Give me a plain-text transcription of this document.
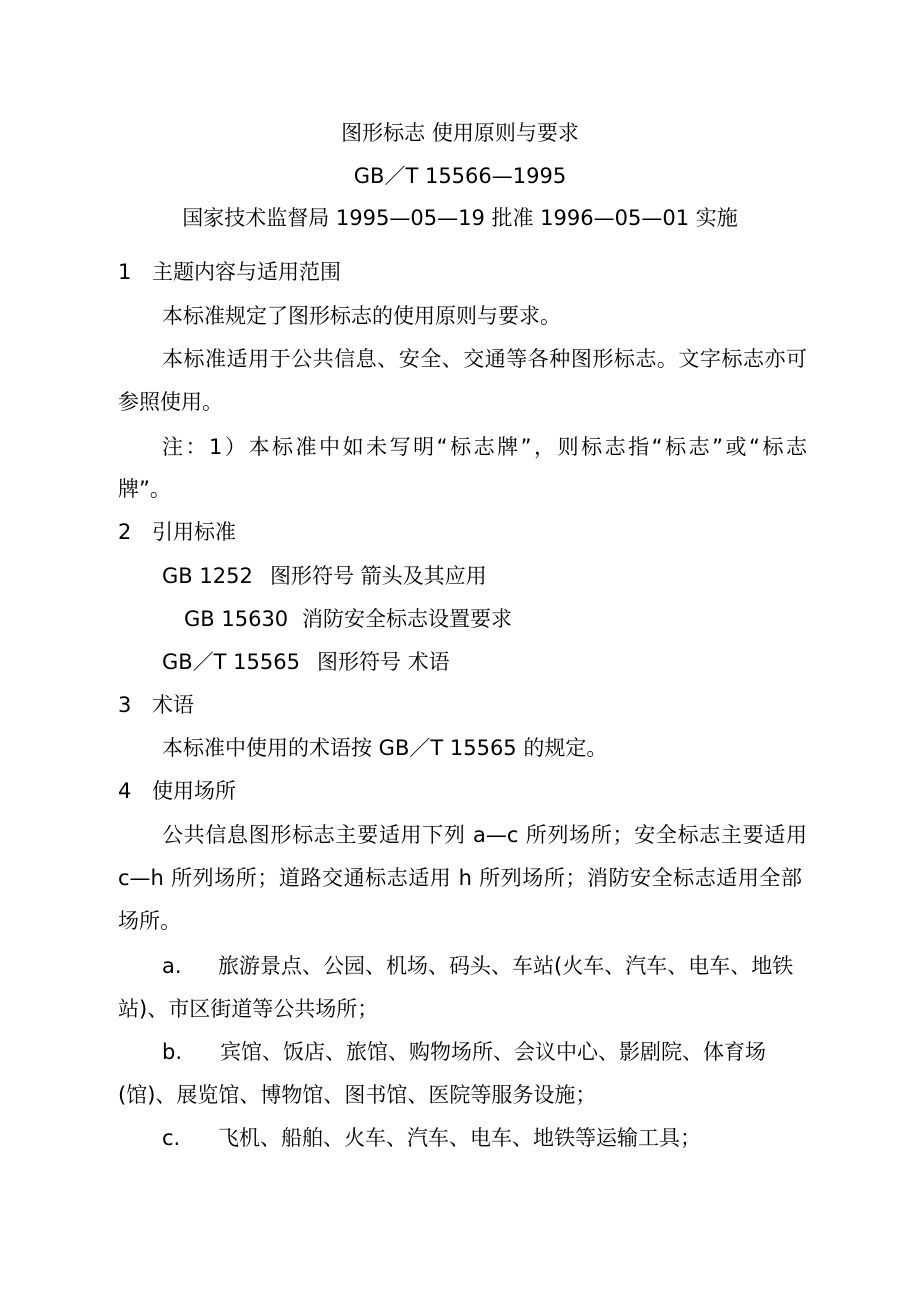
图形标志 使用原则与要求
GB／T 15566—1995
国家技术监督局 1995—05—19 批准 1996—05—01 实施
1 主题内容与适用范围
本标准规定了图形标志的使用原则与要求。
本标准适用于公共信息、安全、交通等各种图形标志。文字标志亦可
参照使用。
注：1）本标准中如未写明“标志牌”，则标志指“标志”或“标志
牌”。
2 引用标准
GB 1252 图形符号 箭头及其应用
GB 15630 消防安全标志设置要求
GB／T 15565 图形符号 术语
3 术语
本标准中使用的术语按 GB／T 15565 的规定。
4 使用场所
公共信息图形标志主要适用下列 a—c 所列场所；安全标志主要适用
c—h 所列场所；道路交通标志适用 h 所列场所；消防安全标志适用全部
场所。
a. 旅游景点、公园、机场、码头、车站(火车、汽车、电车、地铁
站)、市区街道等公共场所；
b. 宾馆、饭店、旅馆、购物场所、会议中心、影剧院、体育场
(馆)、展览馆、博物馆、图书馆、医院等服务设施；
c. 飞机、船舶、火车、汽车、电车、地铁等运输工具；
